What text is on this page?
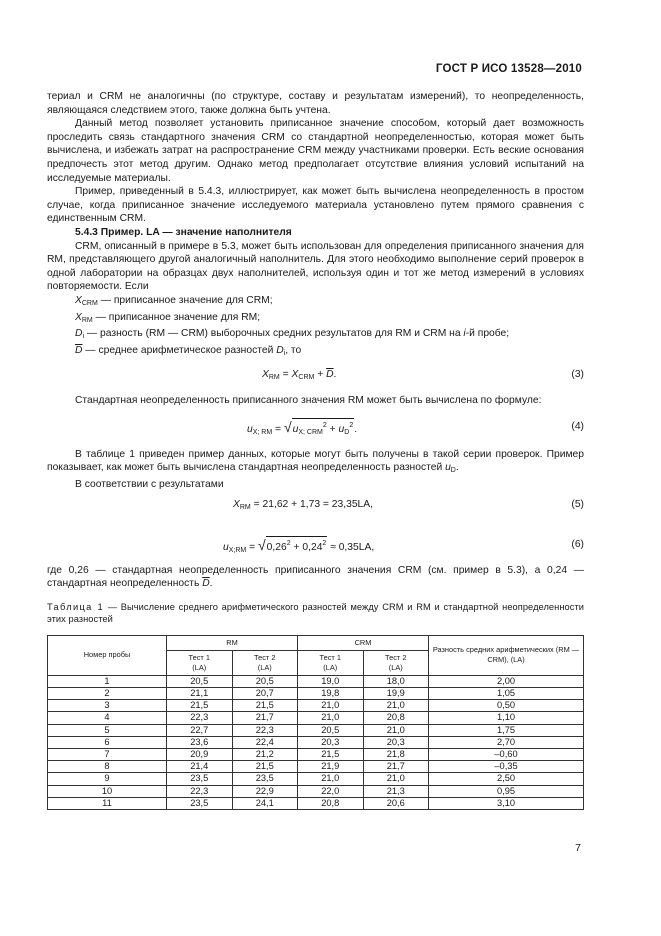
ГОСТ Р ИСО 13528—2010

териал и CRM не аналогичны (по структуре, составу и результатам измерений), то неопределенность, являющаяся следствием этого, также должна быть учтена.

Данный метод позволяет установить приписанное значение способом, который дает возможность проследить связь стандартного значения CRM со стандартной неопределенностью, которая может быть вычислена, и избежать затрат на распространение CRM между участниками проверки. Есть веские основания предпочесть этот метод другим. Однако метод предполагает отсутствие влияния условий испытаний на исследуемые материалы.

Пример, приведенный в 5.4.3, иллюстрирует, как может быть вычислена неопределенность в простом случае, когда приписанное значение исследуемого материала установлено путем прямого сравнения с единственным CRM.

5.4.3 Пример. LA — значение наполнителя

CRM, описанный в примере в 5.3, может быть использован для определения приписанного значения для RM, представляющего другой аналогичный наполнитель. Для этого необходимо выполнение серий проверок в одной лаборатории на образцах двух наполнителей, используя один и тот же метод измерений в условиях повторяемости. Если

$X_{CRM}$ — приписанное значение для CRM;

$X_{RM}$ — приписанное значение для RM;

$D_i$ — разность (RM — CRM) выборочных средних результатов для RM и CRM на i-й пробе;

$\overline{D}$ — среднее арифметическое разностей $D_i$, то

$X_{RM} = X_{CRM} + \overline{D}$.	(3)

Стандартная неопределенность приписанного значения RM может быть вычислена по формуле:

$u_{X; RM} = √u_{X; CRM}^2 + u_D^2$.	(4)

В таблице 1 приведен пример данных, которые могут быть получены в такой серии проверок. Пример показывает, как может быть вычислена стандартная неопределенность разностей $u_D$.

В соответствии с результатами

$X_{RM} = 21,62 + 1,73 = 23,35LA$,	(5)
$u_{X;RM} = √0,26^2 + 0,24^2 \approx 0,35LA$,	(6)

где 0,26 — стандартная неопределенность приписанного значения CRM (см. пример в 5.3), а 0,24 — стандартная неопределенность $\overline{D}$.

Таблица 1 — Вычисление среднего арифметического разностей между CRM и RM и стандартной неопределенности этих разностей

Номер пробы	RM		CRM		Разность средних арифметических (RM — CRM), (LA)
	Тест 1
(LA)	Тест 2
(LA)	Тест 1
(LA)	Тест 2
(LA)	
1	20,5	20,5	19,0	18,0	2,00
2	21,1	20,7	19,8	19,9	1,05
3	21,5	21,5	21,0	21,0	0,50
4	22,3	21,7	21,0	20,8	1,10
5	22,7	22,3	20,5	21,0	1,75
6	23,6	22,4	20,3	20,3	2,70
7	20,9	21,2	21,5	21,8	–0,60
8	21,4	21,5	21,9	21,7	–0,35
9	23,5	23,5	21,0	21,0	2,50
10	22,3	22,9	22,0	21,3	0,95
11	23,5	24,1	20,8	20,6	3,10
7
